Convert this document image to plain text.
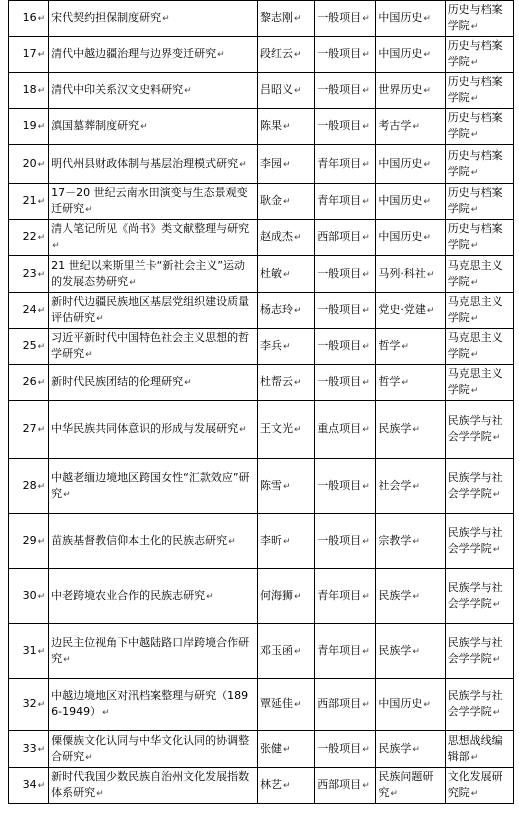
16 ↵	宋代契约担保制度研究 ↵	黎志刚 ↵	一般项目 ↵	中国历史 ↵	历史与档案学院 ↵
17 ↵	清代中越边疆治理与边界变迁研究 ↵	段红云 ↵	一般项目 ↵	中国历史 ↵	历史与档案学院 ↵
18 ↵	清代中印关系汉文史料研究 ↵	吕昭义 ↵	一般项目 ↵	世界历史 ↵	历史与档案学院 ↵
19 ↵	滇国墓葬制度研究 ↵	陈果 ↵	一般项目 ↵	考古学 ↵	历史与档案学院 ↵
20 ↵	明代州县财政体制与基层治理模式研究 ↵	李园 ↵	青年项目 ↵	中国历史 ↵	历史与档案学院 ↵
21 ↵	17－20 世纪云南水田演变与生态景观变迁研究 ↵	耿金 ↵	青年项目 ↵	中国历史 ↵	历史与档案学院 ↵
22 ↵	清人笔记所见《尚书》类文献整理与研究 ↵	赵成杰 ↵	西部项目 ↵	中国历史 ↵	历史与档案学院 ↵
23 ↵	21 世纪以来斯里兰卡“新社会主义”运动的发展态势研究 ↵	杜敏 ↵	一般项目 ↵	马列·科社 ↵	马克思主义学院 ↵
24 ↵	新时代边疆民族地区基层党组织建设质量评估研究 ↵	杨志玲 ↵	一般项目 ↵	党史·党建 ↵	马克思主义学院 ↵
25 ↵	习近平新时代中国特色社会主义思想的哲学研究 ↵	李兵 ↵	一般项目 ↵	哲学 ↵	马克思主义学院 ↵
26 ↵	新时代民族团结的伦理研究 ↵	杜帮云 ↵	一般项目 ↵	哲学 ↵	马克思主义学院 ↵
27 ↵	中华民族共同体意识的形成与发展研究 ↵	王文光 ↵	重点项目 ↵	民族学 ↵	民族学与社会学学院 ↵
28 ↵	中越老缅边境地区跨国女性“汇款效应”研究 ↵	陈雪 ↵	一般项目 ↵	社会学 ↵	民族学与社会学学院 ↵
29 ↵	苗族基督教信仰本土化的民族志研究 ↵	李昕 ↵	一般项目 ↵	宗教学 ↵	民族学与社会学学院 ↵
30 ↵	中老跨境农业合作的民族志研究 ↵	何海狮 ↵	青年项目 ↵	民族学 ↵	民族学与社会学学院 ↵
31 ↵	边民主位视角下中越陆路口岸跨境合作研究 ↵	邓玉函 ↵	青年项目 ↵	民族学 ↵	民族学与社会学学院 ↵
32 ↵	中越边境地区对汛档案整理与研究（1896-1949） ↵	覃延佳 ↵	西部项目 ↵	中国历史 ↵	民族学与社会学学院 ↵
33 ↵	傈僳族文化认同与中华文化认同的协调整合研究 ↵	张健 ↵	一般项目 ↵	民族学 ↵	思想战线编辑部 ↵
34 ↵	新时代我国少数民族自治州文化发展指数体系研究 ↵	林艺 ↵	西部项目 ↵	民族问题研究 ↵	文化发展研究院 ↵
